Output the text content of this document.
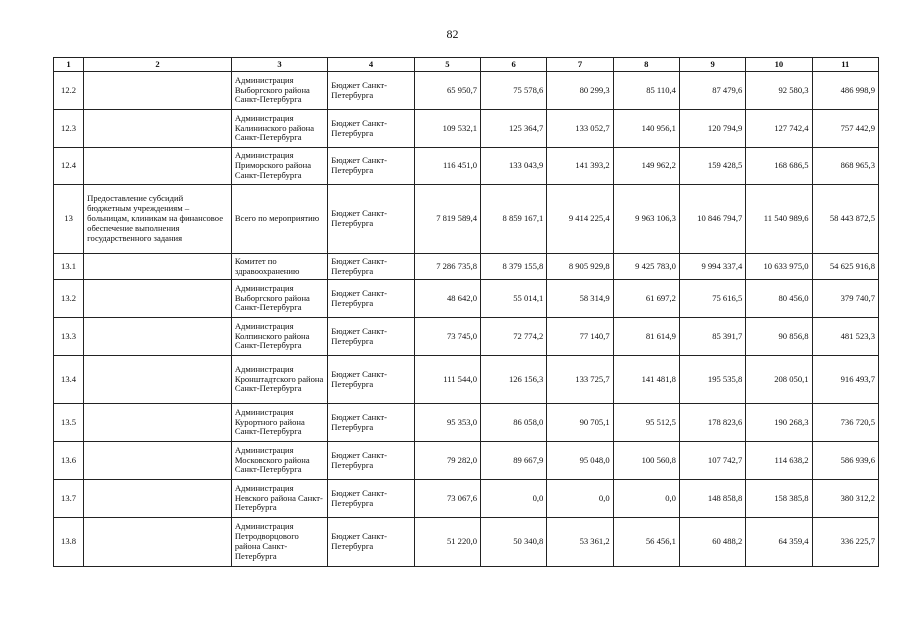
82
1	2	3	4	5	6	7	8	9	10	11
12.2		Администрация Выборгского района Санкт-Петербурга	Бюджет Санкт-Петербурга	65 950,7	75 578,6	80 299,3	85 110,4	87 479,6	92 580,3	486 998,9
12.3		Администрация Калининского района Санкт-Петербурга	Бюджет Санкт-Петербурга	109 532,1	125 364,7	133 052,7	140 956,1	120 794,9	127 742,4	757 442,9
12.4		Администрация Приморского района Санкт-Петербурга	Бюджет Санкт-Петербурга	116 451,0	133 043,9	141 393,2	149 962,2	159 428,5	168 686,5	868 965,3
13	Предоставление субсидий бюджетным учреждениям – больницам, клиникам на финансовое обеспечение выполнения государственного задания	Всего по мероприятию	Бюджет Санкт-Петербурга	7 819 589,4	8 859 167,1	9 414 225,4	9 963 106,3	10 846 794,7	11 540 989,6	58 443 872,5
13.1		Комитет по здравоохранению	Бюджет Санкт-Петербурга	7 286 735,8	8 379 155,8	8 905 929,8	9 425 783,0	9 994 337,4	10 633 975,0	54 625 916,8
13.2		Администрация Выборгского района Санкт-Петербурга	Бюджет Санкт-Петербурга	48 642,0	55 014,1	58 314,9	61 697,2	75 616,5	80 456,0	379 740,7
13.3		Администрация Колпинского района Санкт-Петербурга	Бюджет Санкт-Петербурга	73 745,0	72 774,2	77 140,7	81 614,9	85 391,7	90 856,8	481 523,3
13.4		Администрация Кронштадтского района Санкт-Петербурга	Бюджет Санкт-Петербурга	111 544,0	126 156,3	133 725,7	141 481,8	195 535,8	208 050,1	916 493,7
13.5		Администрация Курортного района Санкт-Петербурга	Бюджет Санкт-Петербурга	95 353,0	86 058,0	90 705,1	95 512,5	178 823,6	190 268,3	736 720,5
13.6		Администрация Московского района Санкт-Петербурга	Бюджет Санкт-Петербурга	79 282,0	89 667,9	95 048,0	100 560,8	107 742,7	114 638,2	586 939,6
13.7		Администрация Невского района Санкт-Петербурга	Бюджет Санкт-Петербурга	73 067,6	0,0	0,0	0,0	148 858,8	158 385,8	380 312,2
13.8		Администрация Петродворцового района Санкт-Петербурга	Бюджет Санкт-Петербурга	51 220,0	50 340,8	53 361,2	56 456,1	60 488,2	64 359,4	336 225,7
